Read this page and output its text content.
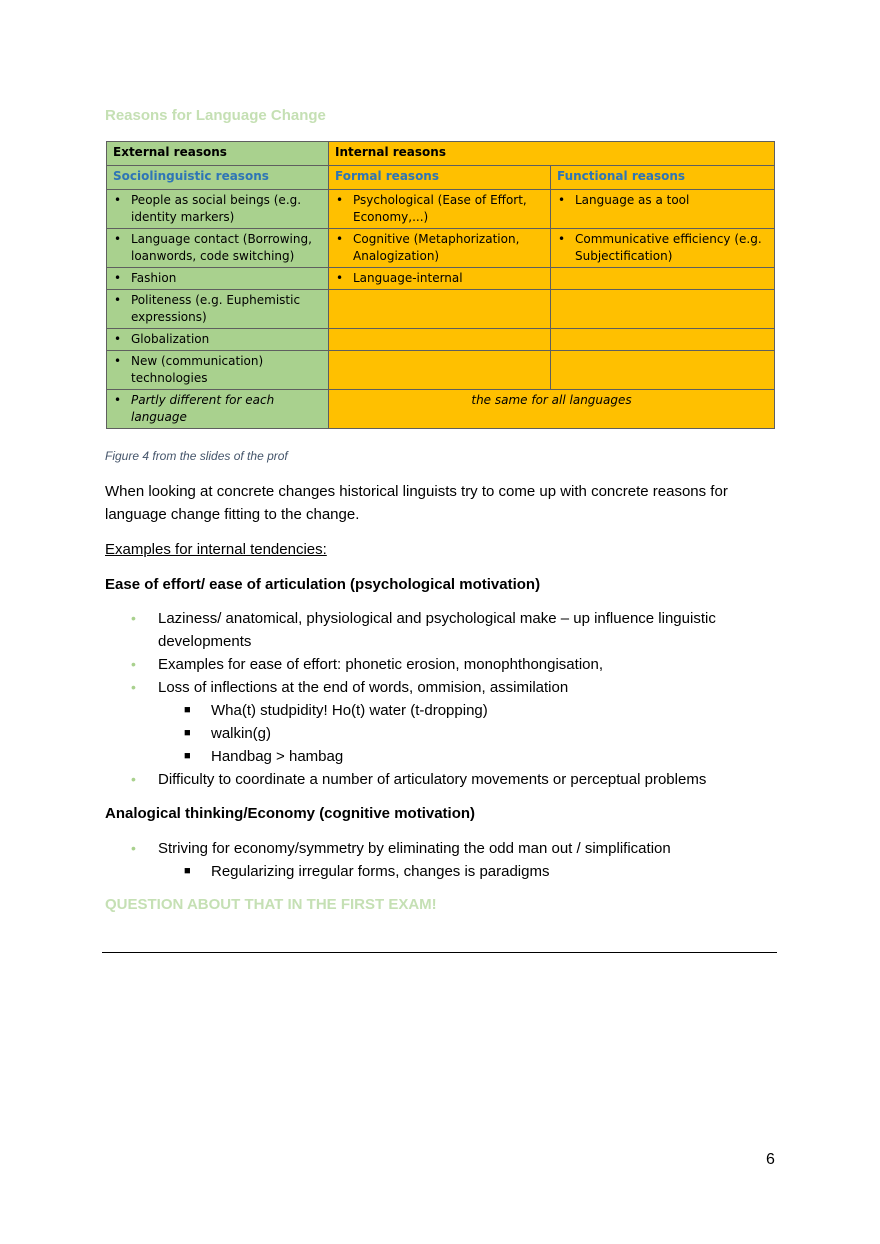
Reasons for Language Change
External reasons	Internal reasons	
Sociolinguistic reasons	Formal reasons	Functional reasons

• People as social beings (e.g. identity markers)	• Psychological (Ease of Effort, Economy,...)	• Language as a tool

• Language contact (Borrowing, loanwords, code switching)	• Cognitive (Metaphorization, Analogization)	• Communicative efficiency (e.g. Subjectification)

• Fashion	• Language-internal	

• Politeness (e.g. Euphemistic expressions)		

• Globalization		

• New (communication) technologies		

• Partly different for each language	the same for all languages	

Figure 4 from the slides of the prof

When looking at concrete changes historical linguists try to come up with concrete reasons for language change fitting to the change.

Examples for internal tendencies:

Ease of effort/ ease of articulation (psychological motivation)

• Laziness/ anatomical, physiological and psychological make – up influence linguistic developments
• Examples for ease of effort: phonetic erosion, monophthongisation,
• Loss of inflections at the end of words, ommision, assimilation
■ Wha(t) studpidity! Ho(t) water (t-dropping)
■ walkin(g)
■ Handbag > hambag
• Difficulty to coordinate a number of articulatory movements or perceptual problems

Analogical thinking/Economy (cognitive motivation)

• Striving for economy/symmetry by eliminating the odd man out / simplification
■ Regularizing irregular forms, changes is paradigms

QUESTION ABOUT THAT IN THE FIRST EXAM!

6
